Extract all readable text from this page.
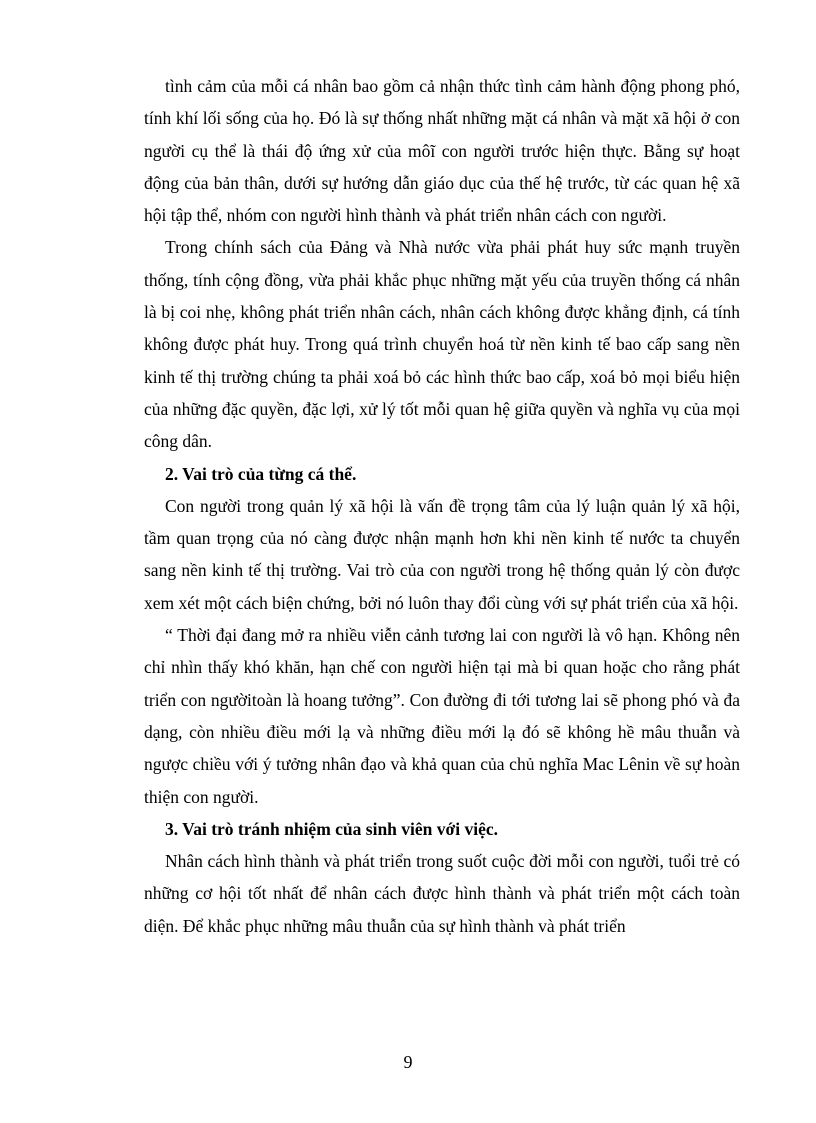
tình cảm của mỗi cá nhân bao gồm cả nhận thức tình cảm hành động phong phó, tính khí lối sống của họ. Đó là sự thống nhất những mặt cá nhân và mặt xã hội ở con người cụ thể là thái độ ứng xử của môĩ con người trước hiện thực. Bằng sự hoạt động của bản thân, dưới sự hướng dẫn giáo dục của thế hệ trước, từ các quan hệ xã hội tập thể, nhóm con người hình thành và phát triển nhân cách con người.

Trong chính sách của Đảng và Nhà nước vừa phải phát huy sức mạnh truyền thống, tính cộng đồng, vừa phải khắc phục những mặt yếu của truyền thống cá nhân là bị coi nhẹ, không phát triển nhân cách, nhân cách không được khẳng định, cá tính không được phát huy. Trong quá trình chuyển hoá từ nền kinh tế bao cấp sang nền kinh tế thị trường chúng ta phải xoá bỏ các hình thức bao cấp, xoá bỏ mọi biểu hiện của những đặc quyền, đặc lợi, xử lý tốt mỗi quan hệ giữa quyền và nghĩa vụ của mọi công dân.

2. Vai trò của từng cá thể.

Con người trong quản lý xã hội là vấn đề trọng tâm của lý luận quản lý xã hội, tầm quan trọng của nó càng được nhận mạnh hơn khi nền kinh tế nước ta chuyển sang nền kinh tế thị trường. Vai trò của con người trong hệ thống quản lý còn được xem xét một cách biện chứng, bởi nó luôn thay đổi cùng với sự phát triển của xã hội.

“ Thời đại đang mở ra nhiều viễn cảnh tương lai con người là vô hạn. Không nên chỉ nhìn thấy khó khăn, hạn chế con người hiện tại mà bi quan hoặc cho rằng phát triển con ngườitoàn là hoang tưởng”. Con đường đi tới tương lai sẽ phong phó và đa dạng, còn nhiều điều mới lạ và những điều mới lạ đó sẽ không hề mâu thuẫn và ngược chiều với ý tưởng nhân đạo và khả quan của chủ nghĩa Mac Lênin về sự hoàn thiện con người.

3. Vai trò tránh nhiệm của sinh viên với việc.

Nhân cách hình thành và phát triển trong suốt cuộc đời mỗi con người, tuổi trẻ có những cơ hội tốt nhất để nhân cách được hình thành và phát triển một cách toàn diện. Để khắc phục những mâu thuẫn của sự hình thành và phát triển

9
